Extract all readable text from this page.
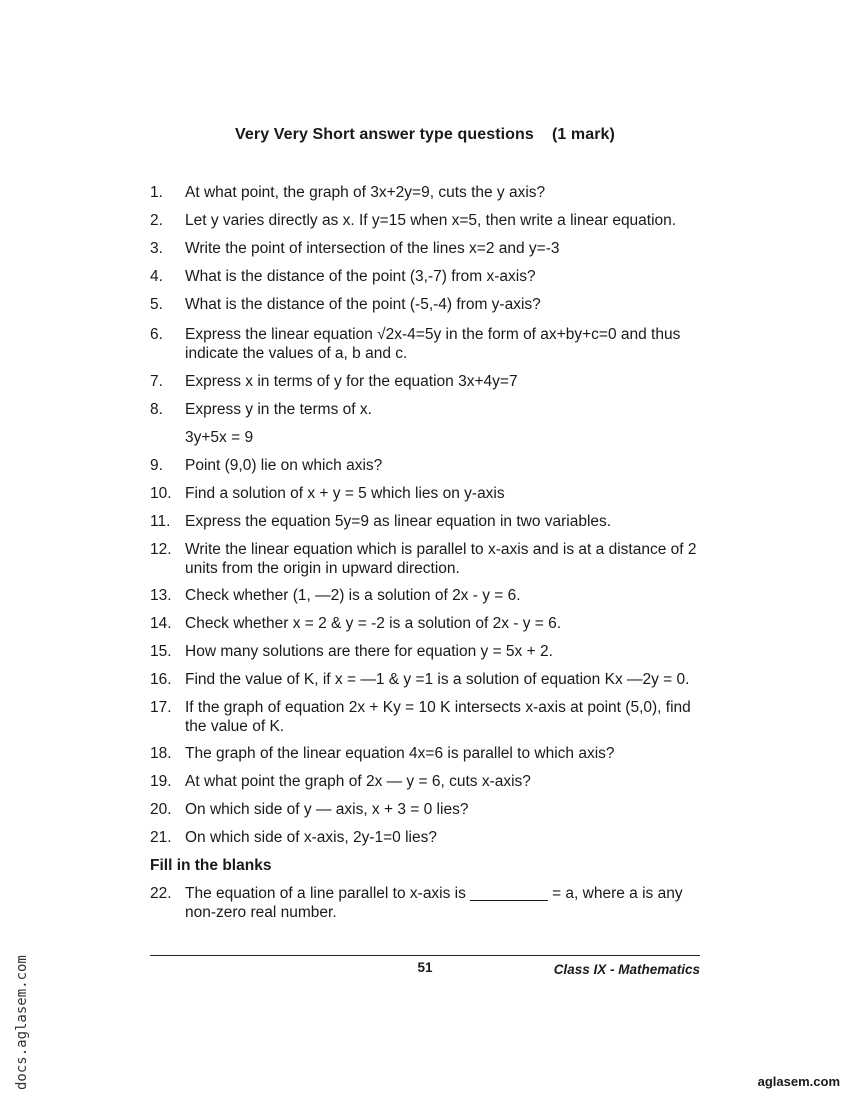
Very Very Short answer type questions (1 mark)
1.	At what point, the graph of 3x+2y=9, cuts the y axis?
2.	Let y varies directly as x. If y=15 when x=5, then write a linear equation.
3.	Write the point of intersection of the lines x=2 and y=-3
4.	What is the distance of the point (3,-7) from x-axis?
5.	What is the distance of the point (-5,-4) from y-axis?
6.	Express the linear equation √2x-4=5y in the form of ax+by+c=0 and thus indicate the values of a, b and c.
7.	Express x in terms of y for the equation 3x+4y=7
8.	Express y in the terms of x.
3y+5x = 9
9.	Point (9,0) lie on which axis?
10. Find a solution of x + y = 5 which lies on y-axis
11. Express the equation 5y=9 as linear equation in two variables.
12. Write the linear equation which is parallel to x-axis and is at a distance of 2 units from the origin in upward direction.
13. Check whether (1, —2) is a solution of 2x - y = 6.
14. Check whether x = 2 & y = -2 is a solution of 2x - y = 6.
15. How many solutions are there for equation y = 5x + 2.
16. Find the value of K, if x = —1 & y =1 is a solution of equation Kx —2y = 0.
17. If the graph of equation 2x + Ky = 10 K intersects x-axis at point (5,0), find the value of K.
18. The graph of the linear equation 4x=6 is parallel to which axis?
19. At what point the graph of 2x — y = 6, cuts x-axis?
20. On which side of y — axis, x + 3 = 0 lies?
21. On which side of x-axis, 2y-1=0 lies?
Fill in the blanks
22. The equation of a line parallel to x-axis is _________ = a, where a is any non-zero real number.
51	Class IX - Mathematics
docs.aglasem.com	aglasem.com
